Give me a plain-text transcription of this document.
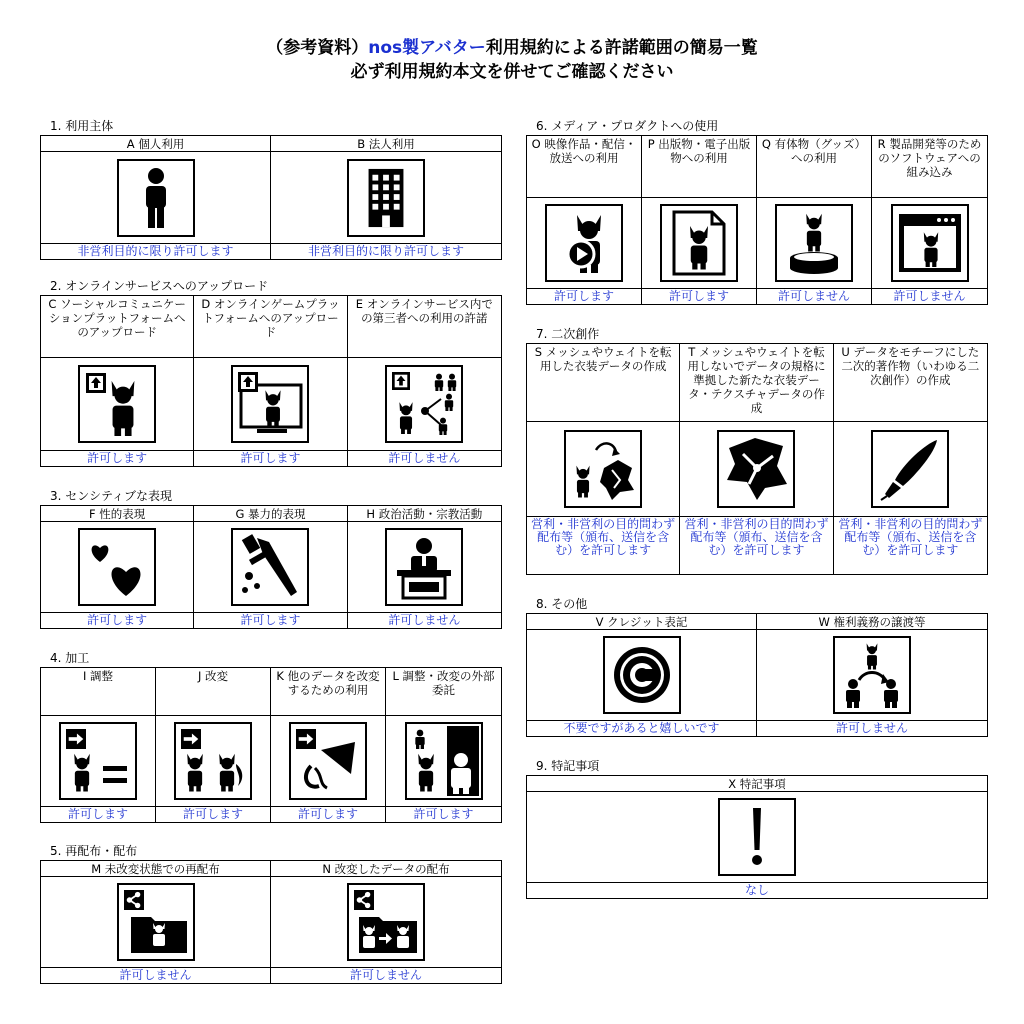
（参考資料）nos製アバター利用規約による許諾範囲の簡易一覧
必ず利用規約本文を併せてご確認ください
1. 利用主体
A 個人利用
非営利目的に限り許可します
B 法人利用
非営利目的に限り許可します
2. オンラインサービスへのアップロード
C ソーシャルコミュニケーションプラットフォームへのアップロード
許可します
D オンラインゲームプラットフォームへのアップロード
許可します
E オンラインサービス内での第三者への利用の許諾
許可しません
3. センシティブな表現
F 性的表現
許可します
G 暴力的表現
許可します
H 政治活動・宗教活動
許可しません
4. 加工
I 調整
許可します
J 改変
許可します
K 他のデータを改変するための利用
許可します
L 調整・改変の外部委託
許可します
5. 再配布・配布
M 未改変状態での再配布
許可しません
N 改変したデータの配布
許可しません
6. メディア・プロダクトへの使用
O 映像作品・配信・放送への利用
許可します
P 出版物・電子出版物への利用
許可します
Q 有体物（グッズ）への利用
許可しません
R 製品開発等のためのソフトウェアへの組み込み
許可しません
7. 二次創作
S メッシュやウェイトを転用した衣装データの作成
営利・非営利の目的問わず配布等（頒布、送信を含む）を許可します
T メッシュやウェイトを転用しないでデータの規格に準拠した新たな衣装データ・テクスチャデータの作成
営利・非営利の目的問わず配布等（頒布、送信を含む）を許可します
U データをモチーフにした二次的著作物（いわゆる二次創作）の作成
営利・非営利の目的問わず配布等（頒布、送信を含む）を許可します
8. その他
V クレジット表記
不要ですがあると嬉しいです
W 権利義務の譲渡等
許可しません
9. 特記事項
X 特記事項
なし
